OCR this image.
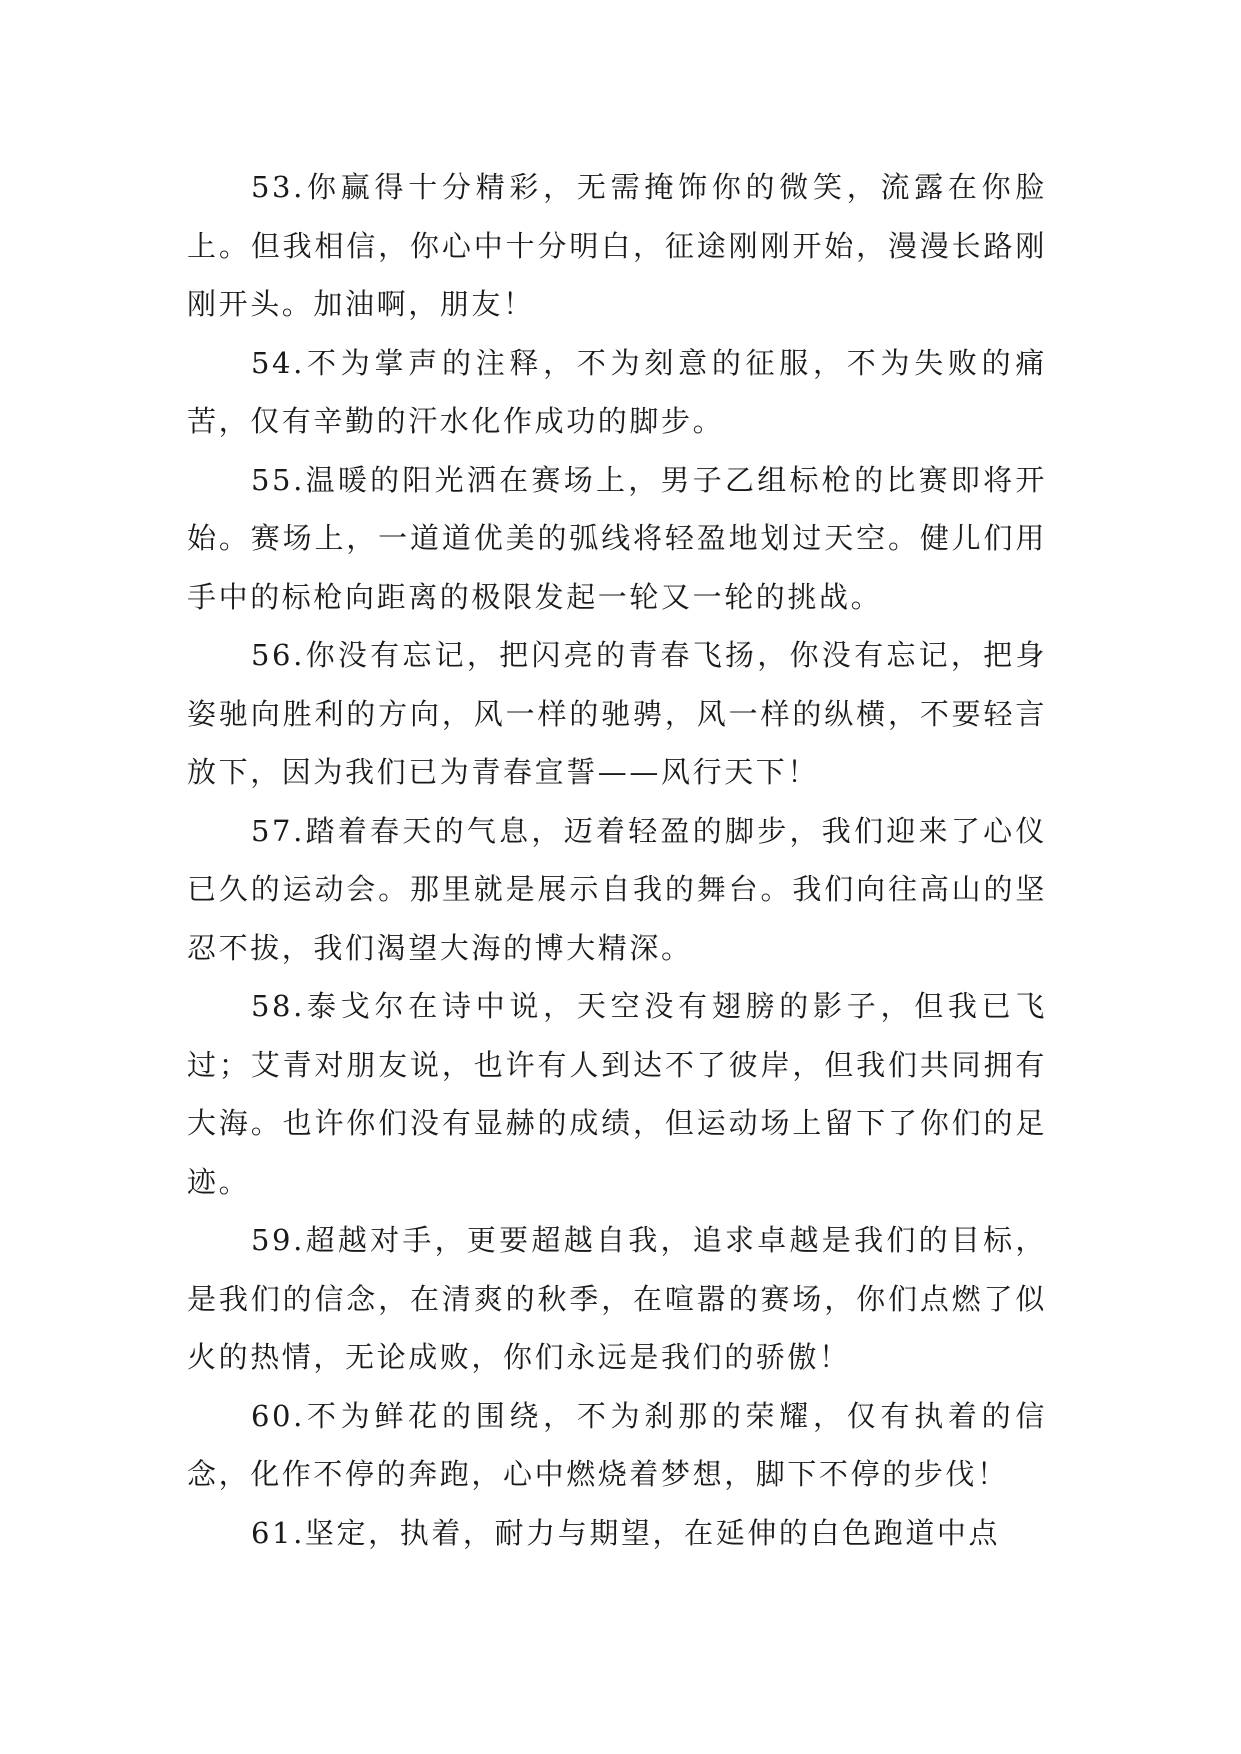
53.你赢得十分精彩，无需掩饰你的微笑，流露在你脸上。但我相信，你心中十分明白，征途刚刚开始，漫漫长路刚刚开头。加油啊，朋友！

54.不为掌声的注释，不为刻意的征服，不为失败的痛苦，仅有辛勤的汗水化作成功的脚步。

55.温暖的阳光洒在赛场上，男子乙组标枪的比赛即将开始。赛场上，一道道优美的弧线将轻盈地划过天空。健儿们用手中的标枪向距离的极限发起一轮又一轮的挑战。

56.你没有忘记，把闪亮的青春飞扬，你没有忘记，把身姿驰向胜利的方向，风一样的驰骋，风一样的纵横，不要轻言放下，因为我们已为青春宣誓——风行天下！

57.踏着春天的气息，迈着轻盈的脚步，我们迎来了心仪已久的运动会。那里就是展示自我的舞台。我们向往高山的坚忍不拔，我们渴望大海的博大精深。

58.泰戈尔在诗中说，天空没有翅膀的影子，但我已飞过；艾青对朋友说，也许有人到达不了彼岸，但我们共同拥有大海。也许你们没有显赫的成绩，但运动场上留下了你们的足迹。

59.超越对手，更要超越自我，追求卓越是我们的目标，是我们的信念，在清爽的秋季，在喧嚣的赛场，你们点燃了似火的热情，无论成败，你们永远是我们的骄傲！

60.不为鲜花的围绕，不为刹那的荣耀，仅有执着的信念，化作不停的奔跑，心中燃烧着梦想，脚下不停的步伐！

61.坚定，执着，耐力与期望，在延伸的白色跑道中点
